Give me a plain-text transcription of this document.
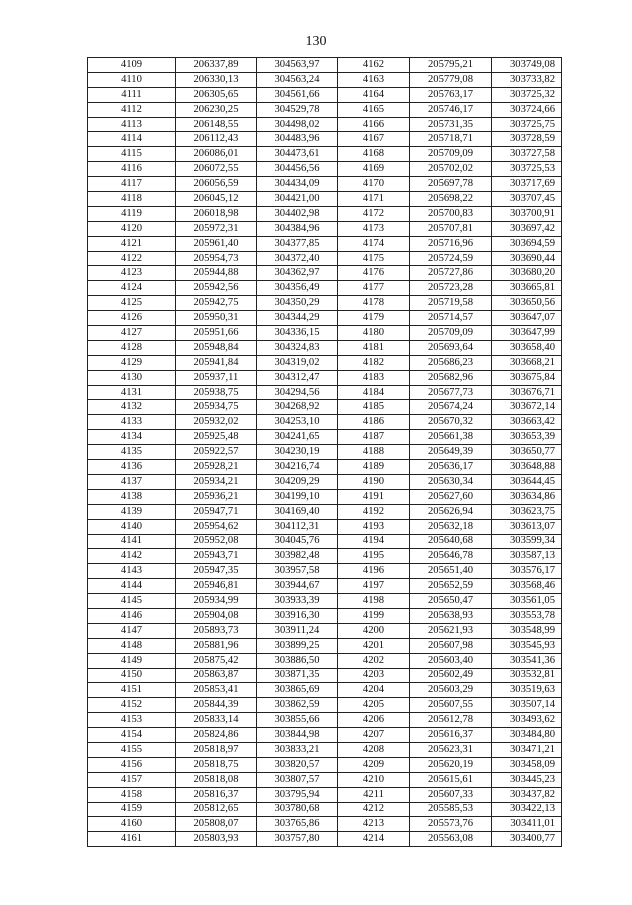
130
4109	206337,89	304563,97	4162	205795,21	303749,08
4110	206330,13	304563,24	4163	205779,08	303733,82
4111	206305,65	304561,66	4164	205763,17	303725,32
4112	206230,25	304529,78	4165	205746,17	303724,66
4113	206148,55	304498,02	4166	205731,35	303725,75
4114	206112,43	304483,96	4167	205718,71	303728,59
4115	206086,01	304473,61	4168	205709,09	303727,58
4116	206072,55	304456,56	4169	205702,02	303725,53
4117	206056,59	304434,09	4170	205697,78	303717,69
4118	206045,12	304421,00	4171	205698,22	303707,45
4119	206018,98	304402,98	4172	205700,83	303700,91
4120	205972,31	304384,96	4173	205707,81	303697,42
4121	205961,40	304377,85	4174	205716,96	303694,59
4122	205954,73	304372,40	4175	205724,59	303690,44
4123	205944,88	304362,97	4176	205727,86	303680,20
4124	205942,56	304356,49	4177	205723,28	303665,81
4125	205942,75	304350,29	4178	205719,58	303650,56
4126	205950,31	304344,29	4179	205714,57	303647,07
4127	205951,66	304336,15	4180	205709,09	303647,99
4128	205948,84	304324,83	4181	205693,64	303658,40
4129	205941,84	304319,02	4182	205686,23	303668,21
4130	205937,11	304312,47	4183	205682,96	303675,84
4131	205938,75	304294,56	4184	205677,73	303676,71
4132	205934,75	304268,92	4185	205674,24	303672,14
4133	205932,02	304253,10	4186	205670,32	303663,42
4134	205925,48	304241,65	4187	205661,38	303653,39
4135	205922,57	304230,19	4188	205649,39	303650,77
4136	205928,21	304216,74	4189	205636,17	303648,88
4137	205934,21	304209,29	4190	205630,34	303644,45
4138	205936,21	304199,10	4191	205627,60	303634,86
4139	205947,71	304169,40	4192	205626,94	303623,75
4140	205954,62	304112,31	4193	205632,18	303613,07
4141	205952,08	304045,76	4194	205640,68	303599,34
4142	205943,71	303982,48	4195	205646,78	303587,13
4143	205947,35	303957,58	4196	205651,40	303576,17
4144	205946,81	303944,67	4197	205652,59	303568,46
4145	205934,99	303933,39	4198	205650,47	303561,05
4146	205904,08	303916,30	4199	205638,93	303553,78
4147	205893,73	303911,24	4200	205621,93	303548,99
4148	205881,96	303899,25	4201	205607,98	303545,93
4149	205875,42	303886,50	4202	205603,40	303541,36
4150	205863,87	303871,35	4203	205602,49	303532,81
4151	205853,41	303865,69	4204	205603,29	303519,63
4152	205844,39	303862,59	4205	205607,55	303507,14
4153	205833,14	303855,66	4206	205612,78	303493,62
4154	205824,86	303844,98	4207	205616,37	303484,80
4155	205818,97	303833,21	4208	205623,31	303471,21
4156	205818,75	303820,57	4209	205620,19	303458,09
4157	205818,08	303807,57	4210	205615,61	303445,23
4158	205816,37	303795,94	4211	205607,33	303437,82
4159	205812,65	303780,68	4212	205585,53	303422,13
4160	205808,07	303765,86	4213	205573,76	303411,01
4161	205803,93	303757,80	4214	205563,08	303400,77
